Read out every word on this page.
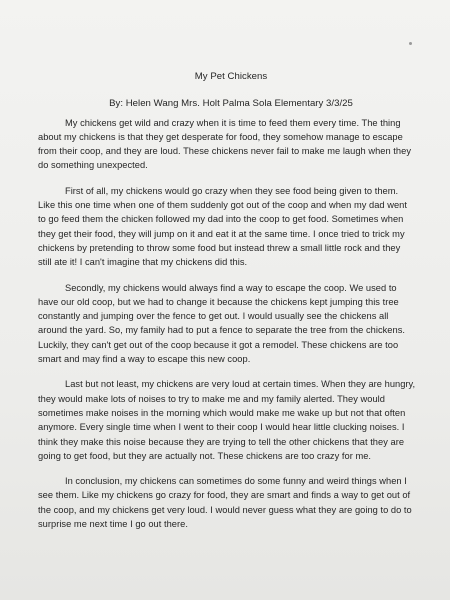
My Pet Chickens

By: Helen Wang Mrs. Holt Palma Sola Elementary 3/3/25

My chickens get wild and crazy when it is time to feed them every time. The thing about my chickens is that they get desperate for food, they somehow manage to escape from their coop, and they are loud. These chickens never fail to make me laugh when they do something unexpected.

First of all, my chickens would go crazy when they see food being given to them. Like this one time when one of them suddenly got out of the coop and when my dad went to go feed them the chicken followed my dad into the coop to get food. Sometimes when they get their food, they will jump on it and eat it at the same time. I once tried to trick my chickens by pretending to throw some food but instead threw a small little rock and they still ate it! I can't imagine that my chickens did this.

Secondly, my chickens would always find a way to escape the coop. We used to have our old coop, but we had to change it because the chickens kept jumping this tree constantly and jumping over the fence to get out. I would usually see the chickens all around the yard. So, my family had to put a fence to separate the tree from the chickens. Luckily, they can't get out of the coop because it got a remodel. These chickens are too smart and may find a way to escape this new coop.

Last but not least, my chickens are very loud at certain times. When they are hungry, they would make lots of noises to try to make me and my family alerted. They would sometimes make noises in the morning which would make me wake up but not that often anymore. Every single time when I went to their coop I would hear little clucking noises. I think they make this noise because they are trying to tell the other chickens that they are going to get food, but they are actually not. These chickens are too crazy for me.

In conclusion, my chickens can sometimes do some funny and weird things when I see them. Like my chickens go crazy for food, they are smart and finds a way to get out of the coop, and my chickens get very loud. I would never guess what they are going to do to surprise me next time I go out there.
